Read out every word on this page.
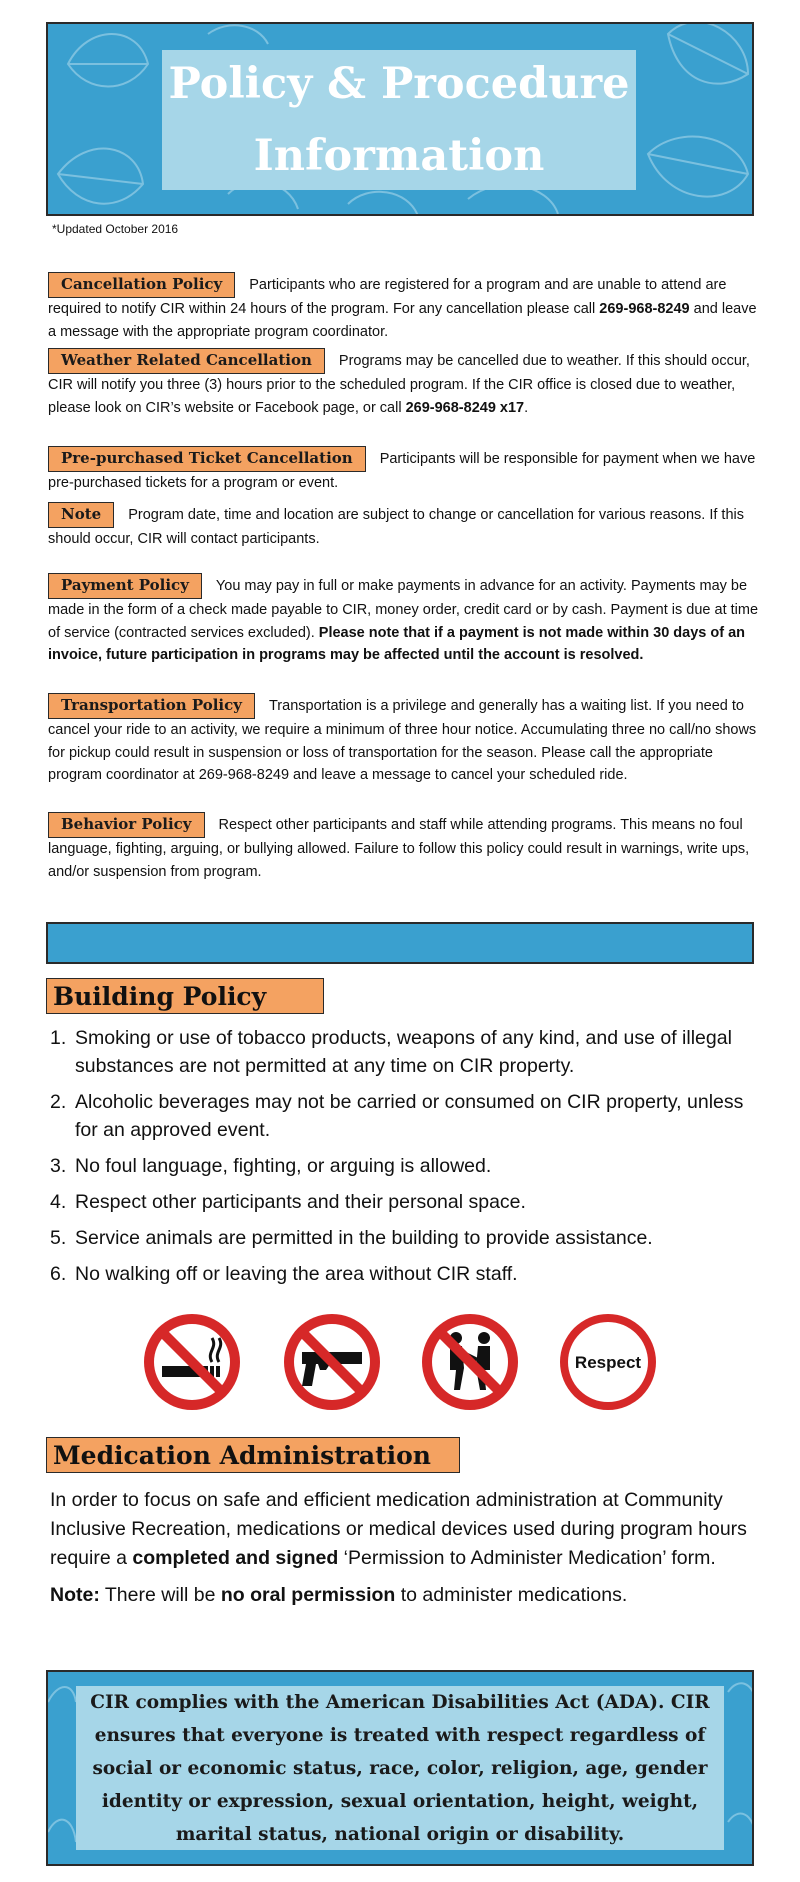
Policy & Procedure
Information
*Updated October 2016

Cancellation Policy Participants who are registered for a program and are unable to attend are required to notify CIR within 24 hours of the program. For any cancellation please call 269-968-8249 and leave a message with the appropriate program coordinator.

Weather Related Cancellation Programs may be cancelled due to weather. If this should occur, CIR will notify you three (3) hours prior to the scheduled program. If the CIR office is closed due to weather, please look on CIR’s website or Facebook page, or call 269-968-8249 x17.

Pre-purchased Ticket Cancellation Participants will be responsible for payment when we have pre-purchased tickets for a program or event.

Note Program date, time and location are subject to change or cancellation for various reasons. If this should occur, CIR will contact participants.

Payment Policy You may pay in full or make payments in advance for an activity. Payments may be made in the form of a check made payable to CIR, money order, credit card or by cash. Payment is due at time of service (contracted services excluded). Please note that if a payment is not made within 30 days of an invoice, future participation in programs may be affected until the account is resolved.

Transportation Policy Transportation is a privilege and generally has a waiting list. If you need to cancel your ride to an activity, we require a minimum of three hour notice. Accumulating three no call/no shows for pickup could result in suspension or loss of transportation for the season. Please call the appropriate program coordinator at 269-968-8249 and leave a message to cancel your scheduled ride.

Behavior Policy Respect other participants and staff while attending programs. This means no foul language, fighting, arguing, or bullying allowed. Failure to follow this policy could result in warnings, write ups, and/or suspension from program.

Building Policy
1. Smoking or use of tobacco products, weapons of any kind, and use of illegal substances are not permitted at any time on CIR property.
2. Alcoholic beverages may not be carried or consumed on CIR property, unless for an approved event.
3. No foul language, fighting, or arguing is allowed.
4. Respect other participants and their personal space.
5. Service animals are permitted in the building to provide assistance.
6. No walking off or leaving the area without CIR staff.
Respect
Medication Administration

In order to focus on safe and efficient medication administration at Community Inclusive Recreation, medications or medical devices used during program hours require a completed and signed ‘Permission to Administer Medication’ form.

Note: There will be no oral permission to administer medications.

CIR complies with the American Disabilities Act (ADA). CIR ensures that everyone is treated with respect regardless of social or economic status, race, color, religion, age, gender identity or expression, sexual orientation, height, weight, marital status, national origin or disability.
